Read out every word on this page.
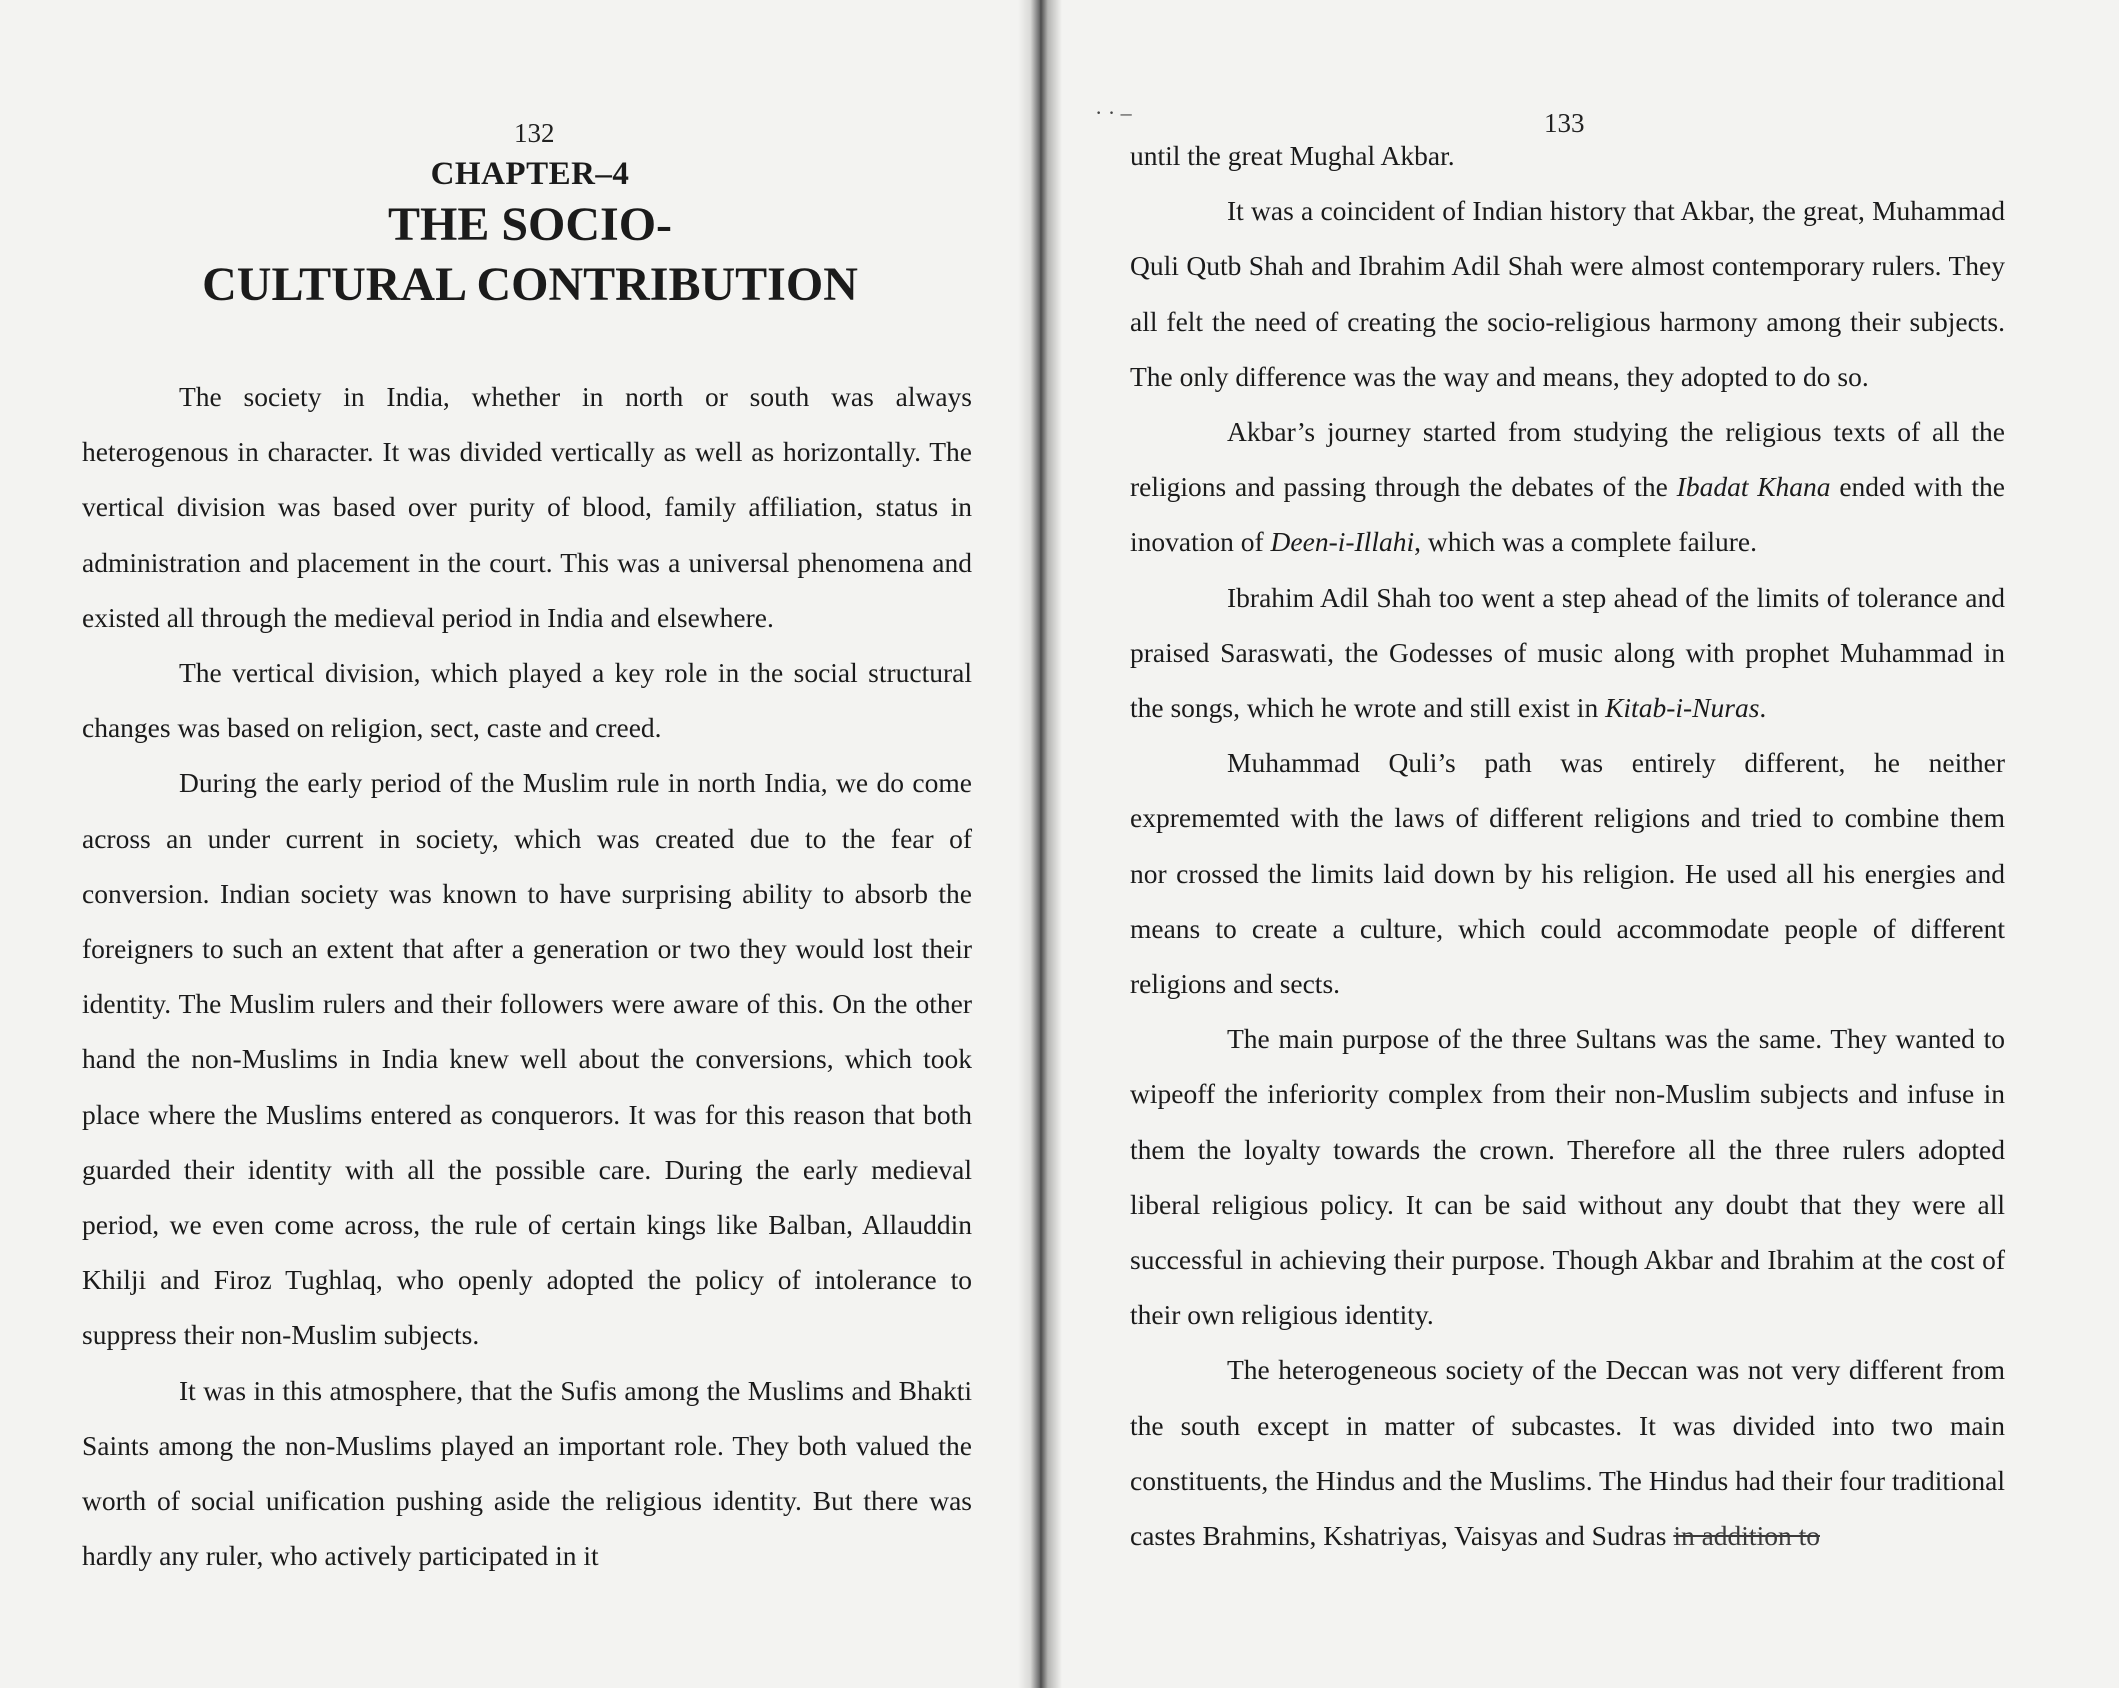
132
CHAPTER–4
THE SOCIO-
CULTURAL CONTRIBUTION

The society in India, whether in north or south was always heterogenous in character. It was divided vertically as well as horizontally. The vertical division was based over purity of blood, family affiliation, status in administration and placement in the court. This was a universal phenomena and existed all through the medieval period in India and elsewhere.

The vertical division, which played a key role in the social structural changes was based on religion, sect, caste and creed.

During the early period of the Muslim rule in north India, we do come across an under current in society, which was created due to the fear of conversion. Indian society was known to have surprising ability to absorb the foreigners to such an extent that after a generation or two they would lost their identity. The Muslim rulers and their followers were aware of this. On the other hand the non-Muslims in India knew well about the conversions, which took place where the Muslims entered as conquerors. It was for this reason that both guarded their identity with all the possible care. During the early medieval period, we even come across, the rule of certain kings like Balban, Allauddin Khilji and Firoz Tughlaq, who openly adopted the policy of intolerance to suppress their non-Muslim subjects.

It was in this atmosphere, that the Sufis among the Muslims and Bhakti Saints among the non-Muslims played an important role. They both valued the worth of social unification pushing aside the religious identity. But there was hardly any ruler, who actively participated in it

· · –	133

until the great Mughal Akbar.

It was a coincident of Indian history that Akbar, the great, Muhammad Quli Qutb Shah and Ibrahim Adil Shah were almost contemporary rulers. They all felt the need of creating the socio-religious harmony among their subjects. The only difference was the way and means, they adopted to do so.

Akbar’s journey started from studying the religious texts of all the religions and passing through the debates of the Ibadat Khana ended with the inovation of Deen-i-Illahi, which was a complete failure.

Ibrahim Adil Shah too went a step ahead of the limits of tolerance and praised Saraswati, the Godesses of music along with prophet Muhammad in the songs, which he wrote and still exist in Kitab-i-Nuras.

Muhammad Quli’s path was entirely different, he neither exprememted with the laws of different religions and tried to combine them nor crossed the limits laid down by his religion. He used all his energies and means to create a culture, which could accommodate people of different religions and sects.

The main purpose of the three Sultans was the same. They wanted to wipeoff the inferiority complex from their non-Muslim subjects and infuse in them the loyalty towards the crown. Therefore all the three rulers adopted liberal religious policy. It can be said without any doubt that they were all successful in achieving their purpose. Though Akbar and Ibrahim at the cost of their own religious identity.

The heterogeneous society of the Deccan was not very different from the south except in matter of subcastes. It was divided into two main constituents, the Hindus and the Muslims. The Hindus had their four traditional castes Brahmins, Kshatriyas, Vaisyas and Sudras in addition to
